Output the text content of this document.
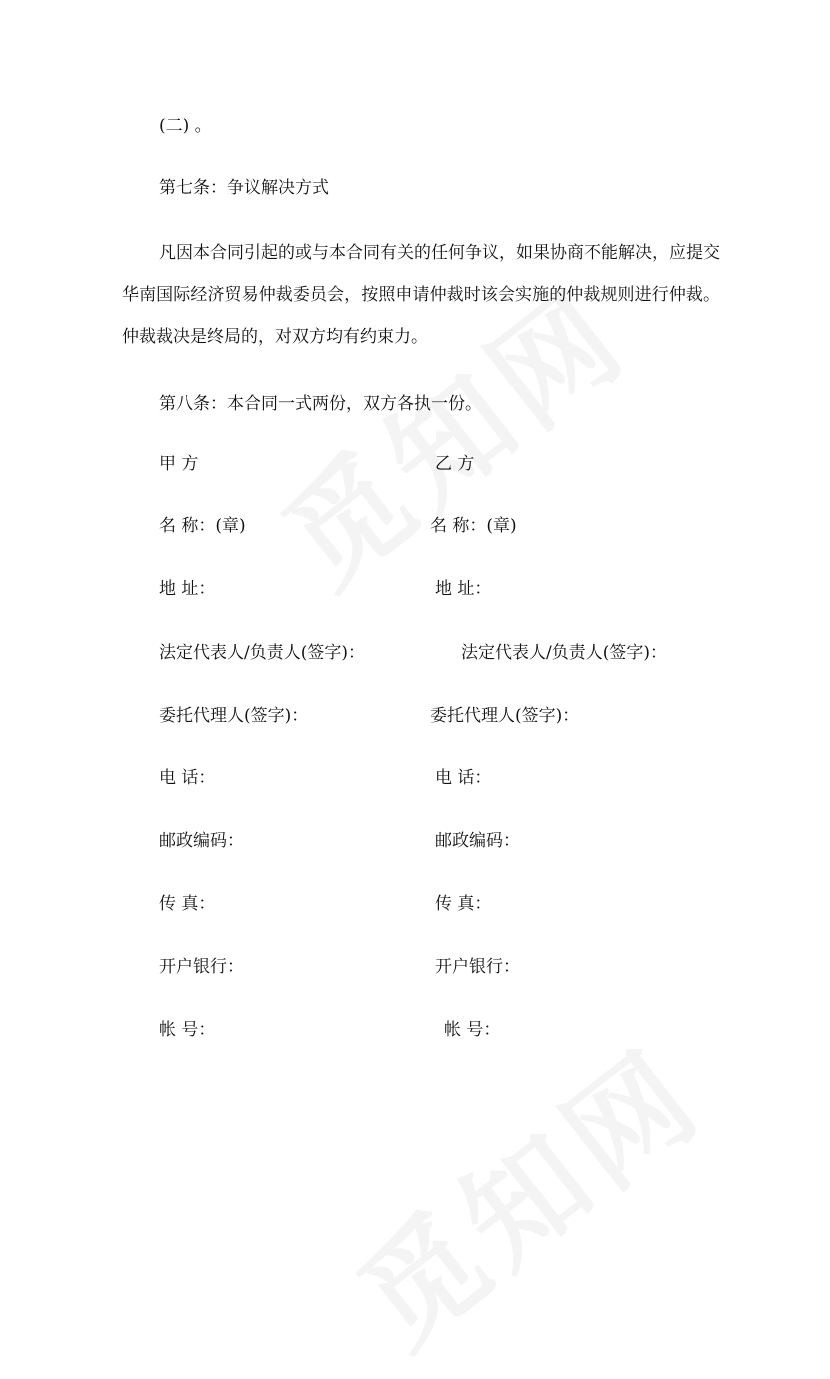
(二) 。
第七条：争议解决方式
凡因本合同引起的或与本合同有关的任何争议，如果协商不能解决，应提交华南国际经济贸易仲裁委员会，按照申请仲裁时该会实施的仲裁规则进行仲裁。仲裁裁决是终局的，对双方均有约束力。
第八条：本合同一式两份，双方各执一份。
甲 方
名 称：(章)
地 址：
法定代表人/负责人(签字)：
委托代理人(签字)：
电 话：
邮政编码：
传 真：
开户银行：
帐 号：
乙 方
名 称：(章)
地 址：
法定代表人/负责人(签字)：
委托代理人(签字)：
电 话：
邮政编码：
传 真：
开户银行：
帐 号：
